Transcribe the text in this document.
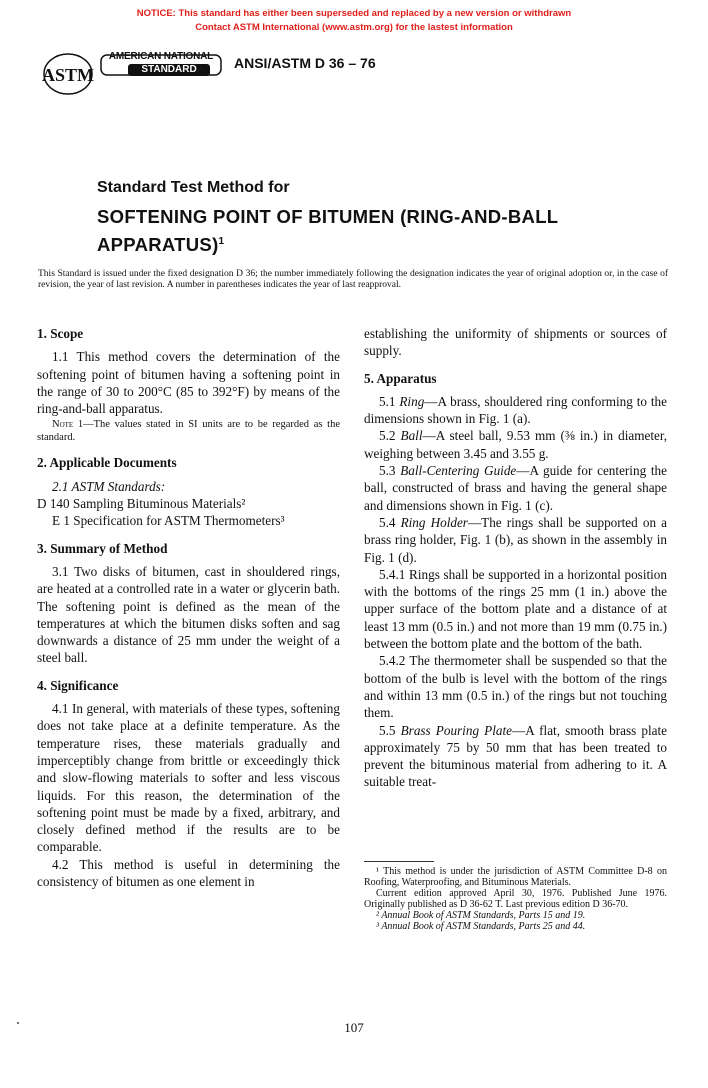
NOTICE: This standard has either been superseded and replaced by a new version or withdrawn
Contact ASTM International (www.astm.org) for the lastest information
ASTM
AMERICAN NATIONAL
STANDARD	ANSI/ASTM D 36 – 76
Standard Test Method for
SOFTENING POINT OF BITUMEN (RING-AND-BALL
APPARATUS)$^1$
This Standard is issued under the fixed designation D 36; the number immediately following the designation indicates the year of original adoption or, in the case of revision, the year of last revision. A number in parentheses indicates the year of last reapproval.
1. Scope

1.1 This method covers the determination of the softening point of bitumen having a softening point in the range of 30 to 200°C (85 to 392°F) by means of the ring-and-ball apparatus.

Note 1—The values stated in SI units are to be regarded as the standard.
2. Applicable Documents

2.1 ASTM Standards:

D 140 Sampling Bituminous Materials²

E 1 Specification for ASTM Thermometers³

3. Summary of Method

3.1 Two disks of bitumen, cast in shouldered rings, are heated at a controlled rate in a water or glycerin bath. The softening point is defined as the mean of the temperatures at which the bitumen disks soften and sag downwards a distance of 25 mm under the weight of a steel ball.

4. Significance

4.1 In general, with materials of these types, softening does not take place at a definite temperature. As the temperature rises, these materials gradually and imperceptibly change from brittle or exceedingly thick and slow-flowing materials to softer and less viscous liquids. For this reason, the determination of the softening point must be made by a fixed, arbitrary, and closely defined method if the results are to be comparable.

4.2 This method is useful in determining the consistency of bitumen as one element in

establishing the uniformity of shipments or sources of supply.

5. Apparatus

5.1 Ring—A brass, shouldered ring conforming to the dimensions shown in Fig. 1 (a).

5.2 Ball—A steel ball, 9.53 mm (⅜ in.) in diameter, weighing between 3.45 and 3.55 g.

5.3 Ball-Centering Guide—A guide for centering the ball, constructed of brass and having the general shape and dimensions shown in Fig. 1 (c).

5.4 Ring Holder—The rings shall be supported on a brass ring holder, Fig. 1 (b), as shown in the assembly in Fig. 1 (d).

5.4.1 Rings shall be supported in a horizontal position with the bottoms of the rings 25 mm (1 in.) above the upper surface of the bottom plate and a distance of at least 13 mm (0.5 in.) and not more than 19 mm (0.75 in.) between the bottom plate and the bottom of the bath.

5.4.2 The thermometer shall be suspended so that the bottom of the bulb is level with the bottom of the rings and within 13 mm (0.5 in.) of the rings but not touching them.

5.5 Brass Pouring Plate—A flat, smooth brass plate approximately 75 by 50 mm that has been treated to prevent the bituminous material from adhering to it. A suitable treat-

¹ This method is under the jurisdiction of ASTM Committee D-8 on Roofing, Waterproofing, and Bituminous Materials.
Current edition approved April 30, 1976. Published June 1976. Originally published as D 36-62 T. Last previous edition D 36-70.
² Annual Book of ASTM Standards, Parts 15 and 19.
³ Annual Book of ASTM Standards, Parts 25 and 44.
107
